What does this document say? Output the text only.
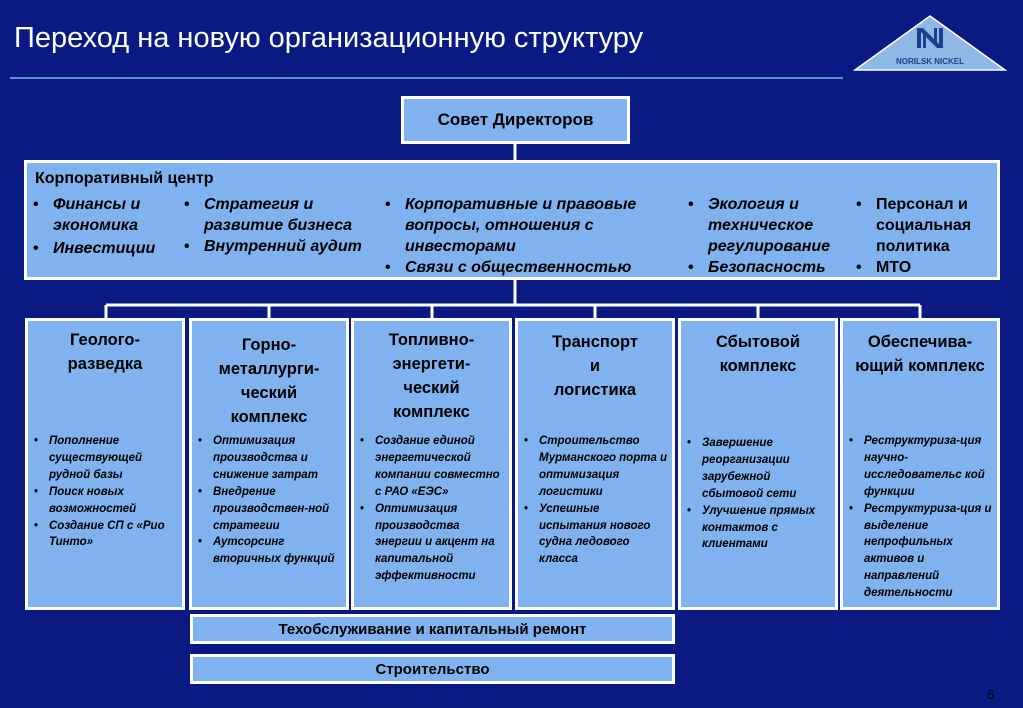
Переход на новую организационную структуру
NORILSK NICKEL
Совет Директоров
Корпоративный центр
• Финансы и экономика
• Инвестиции
• Стратегия и развитие бизнеса
• Внутренний аудит
• Корпоративные и правовые вопросы, отношения с инвесторами
• Связи с общественностью
• Экология и техническое регулирование
• Безопасность
• Персонал и социальная политика
• МТО
Геолого-разведка
• Пополнение существующей рудной базы
• Поиск новых возможностей
• Создание СП с «Рио Тинто»
Горно-металлурги-ческий комплекс
• Оптимизация производства и снижение затрат
• Внедрение производствен-ной стратегии
• Аутсорсинг вторичных функций
Топливно-энергети-ческий комплекс
• Создание единой энергетической компании совместно с РАО «ЕЭС»
• Оптимизация производства энергии и акцент на капитальной эффективности
Транспорт и логистика
• Строительство Мурманского порта и оптимизация логистики
• Успешные испытания нового судна ледового класса
Сбытовой комплекс
• Завершение реорганизации зарубежной сбытовой сети
• Улучшение прямых контактов с клиентами
Обеспечива-ющий комплекс
• Реструктуриза-ция научно-исследовательс кой функции
• Реструктуриза-ция и выделение непрофильных активов и направлений деятельности
Техобслуживание и капитальный ремонт
Строительство
6
